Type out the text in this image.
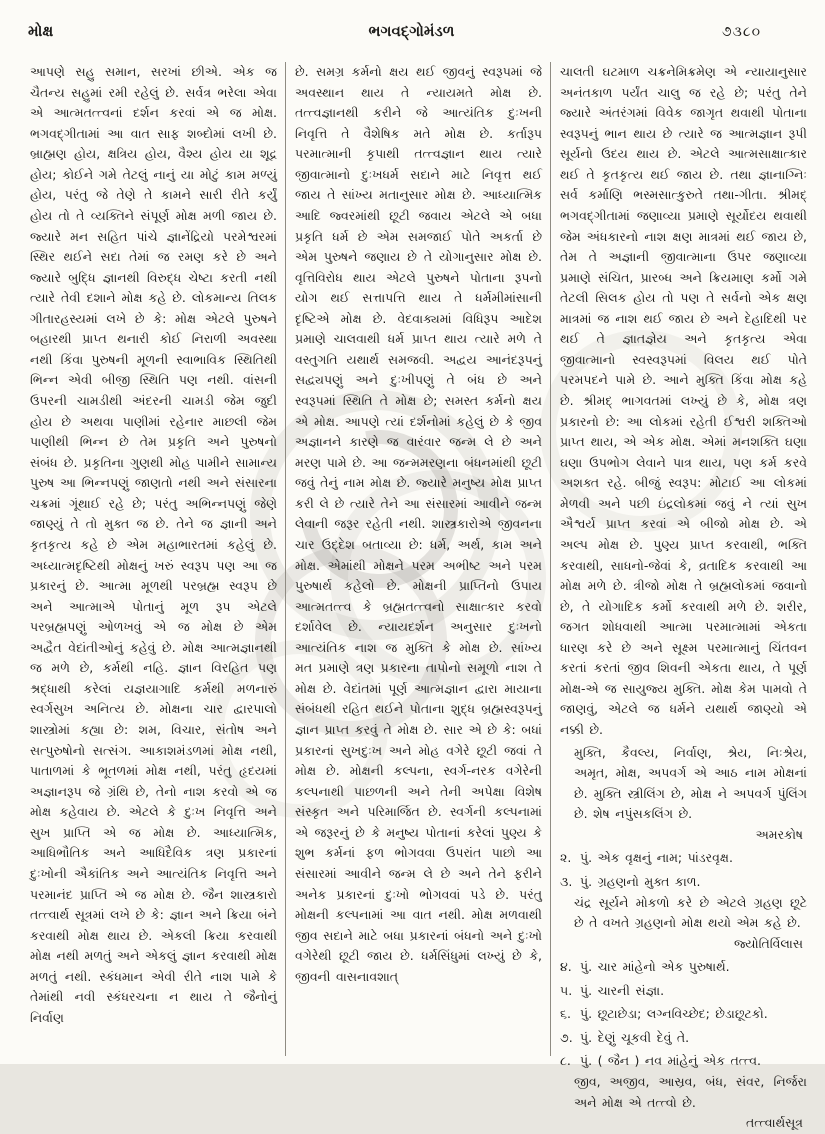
મોક્ષ	ભગવદ્ગોમંડળ	૭૩૮૦

આપણે સહુ સમાન, સરખાં છીએ. એક જ ચૈતન્ય સહુમાં રમી રહેલું છે. સર્વત્ર ભરેલા એવા એ આત્મતત્ત્વનાં દર્શન કરવાં એ જ મોક્ષ. ભગવદ્ગીતામાં આ વાત સાફ શબ્દોમાં લખી છે. બ્રાહ્મણ હોય, ક્ષત્રિય હોય, વૈશ્ય હોય યા શૂદ્ર હોય; કોઈને ગમે તેટલું નાનું યા મોટું કામ મળ્યું હોય, પરંતુ જે તેણે તે કામને સારી રીતે કર્યું હોય તો તે વ્યક્તિને સંપૂર્ણ મોક્ષ મળી જાય છે. જ્યારે મન સહિત પાંચે જ્ઞાનેંદ્રિયો પરમેશ્વરમાં સ્થિર થઈને સદા તેમાં જ રમણ કરે છે અને જ્યારે બુદ્ધિ જ્ઞાનથી વિરુદ્ધ ચેષ્ટા કરતી નથી ત્યારે તેવી દશાને મોક્ષ કહે છે. લોકમાન્ય તિલક ગીતારહસ્યમાં લખે છે કે: મોક્ષ એટલે પુરુષને બહારથી પ્રાપ્ત થનારી કોઈ નિરાળી અવસ્થા નથી કિંવા પુરુષની મૂળની સ્વાભાવિક સ્થિતિથી ભિન્ન એવી બીજી સ્થિતિ પણ નથી. વાંસની ઉપરની ચામડીથી અંદરની ચામડી જેમ જુદી હોય છે અથવા પાણીમાં રહેનાર માછલી જેમ પાણીથી ભિન્ન છે તેમ પ્રકૃતિ અને પુરુષનો સંબંધ છે. પ્રકૃતિના ગુણથી મોહ પામીને સામાન્ય પુરુષ આ ભિન્નપણું જાણતો નથી અને સંસારના ચક્રમાં ગૂંથાઈ રહે છે; પરંતુ અભિન્નપણું જેણે જાણ્યું તે તો મુક્ત જ છે. તેને જ જ્ઞાની અને કૃતકૃત્ય કહે છે એમ મહાભારતમાં કહેલું છે. અધ્યાત્મદૃષ્ટિથી મોક્ષનું ખરું સ્વરૂપ પણ આ જ પ્રકારનું છે. આત્મા મૂળથી પરબ્રહ્મ સ્વરૂપ છે અને આત્માએ પોતાનું મૂળ રૂપ એટલે પરબ્રહ્મપણું ઓળખવું એ જ મોક્ષ છે એમ અદ્વૈત વેદાંતીઓનું કહેવું છે. મોક્ષ આત્મજ્ઞાનથી જ મળે છે, કર્મથી નહિ. જ્ઞાન વિરહિત પણ શ્રદ્ધાથી કરેલાં યજ્ઞયાગાદિ કર્મથી મળનારું સ્વર્ગસુખ અનિત્ય છે. મોક્ષના ચાર દ્વારપાલો શાસ્ત્રોમાં કહ્યા છે: શમ, વિચાર, સંતોષ અને સત્પુરુષોનો સત્સંગ. આકાશમંડળમાં મોક્ષ નથી, પાતાળમાં કે ભૂતળમાં મોક્ષ નથી, પરંતુ હૃદયમાં અજ્ઞાનરૂપ જે ગ્રંથિ છે, તેનો નાશ કરવો એ જ મોક્ષ કહેવાય છે. એટલે કે દુઃખ નિવૃત્તિ અને સુખ પ્રાપ્તિ એ જ મોક્ષ છે. આધ્યાત્મિક, આધિભૌતિક અને આધિદૈવિક ત્રણ પ્રકારનાં દુઃખોની ઐકાંતિક અને આત્યંતિક નિવૃત્તિ અને પરમાનંદ પ્રાપ્તિ એ જ મોક્ષ છે. જૈન શાસ્ત્રકારો તત્ત્વાર્થ સૂત્રમાં લખે છે કે: જ્ઞાન અને ક્રિયા બંને કરવાથી મોક્ષ થાય છે. એકલી ક્રિયા કરવાથી મોક્ષ નથી મળતું અને એકલું જ્ઞાન કરવાથી મોક્ષ મળતું નથી. સ્કંધમાન એવી રીતે નાશ પામે કે તેમાંથી નવી સ્કંધરચના ન થાય તે જૈનોનું નિર્વાણ

છે. સમગ્ર કર્મનો ક્ષય થઈ જીવનું સ્વરૂપમાં જે અવસ્થાન થાય તે ન્યાયમતે મોક્ષ છે. તત્ત્વજ્ઞાનથી કરીને જે આત્યંતિક દુઃખની નિવૃત્તિ તે વૈશેષિક મતે મોક્ષ છે. કર્તારૂપ પરમાત્માની કૃપાથી તત્ત્વજ્ઞાન થાય ત્યારે જીવાત્માનો દુઃખધર્મ સદાને માટે નિવૃત્ત થઈ જાય તે સાંખ્ય મતાનુસાર મોક્ષ છે. આધ્યાત્મિક આદિ જ્વરમાંથી છૂટી જવાય એટલે એ બધા પ્રકૃતિ ધર્મ છે એમ સમજાઈ પોતે અકર્તા છે એમ પુરુષને જણાય છે તે યોગાનુસાર મોક્ષ છે. વૃત્તિવિરોધ થાય એટલે પુરુષને પોતાના રૂપનો યોગ થઈ સત્તાપત્તિ થાય તે ધર્મમીમાંસાની દૃષ્ટિએ મોક્ષ છે. વેદવાક્યમાં વિધિરૂપ આદેશ પ્રમાણે ચાલવાથી ધર્મ પ્રાપ્ત થાય ત્યારે મળે તે વસ્તુગતિ યથાર્થ સમજવી. અદ્વય આનંદરૂપનું સદ્વ્યપણું અને દુઃખીપણું તે બંધ છે અને સ્વરૂપમાં સ્થિતિ તે મોક્ષ છે; સમસ્ત કર્મનો ક્ષય એ મોક્ષ. આપણે ત્યાં દર્શનોમાં કહેલું છે કે જીવ અજ્ઞાનને કારણે જ વારંવાર જન્મ લે છે અને મરણ પામે છે. આ જન્મમરણના બંધનમાંથી છૂટી જવું તેનું નામ મોક્ષ છે. જ્યારે મનુષ્ય મોક્ષ પ્રાપ્ત કરી લે છે ત્યારે તેને આ સંસારમાં આવીને જન્મ લેવાની જરૂર રહેતી નથી. શાસ્ત્રકારોએ જીવનના ચાર ઉદ્દેશ બતાવ્યા છે: ધર્મ, અર્થ, કામ અને મોક્ષ. એમાંથી મોક્ષને પરમ અભીષ્ટ અને પરમ પુરુષાર્થ કહેલો છે. મોક્ષની પ્રાપ્તિનો ઉપાય આત્મતત્ત્વ કે બ્રહ્મતત્ત્વનો સાક્ષાત્કાર કરવો દર્શાવેલ છે. ન્યાયદર્શન અનુસાર દુઃખનો આત્યંતિક નાશ જ મુક્તિ કે મોક્ષ છે. સાંખ્ય મત પ્રમાણે ત્રણ પ્રકારના તાપોનો સમૂળો નાશ તે મોક્ષ છે. વેદાંતમાં પૂર્ણ આત્મજ્ઞાન દ્વારા માયાના સંબંધથી રહિત થઈને પોતાના શુદ્ધ બ્રહ્મસ્વરૂપનું જ્ઞાન પ્રાપ્ત કરવું તે મોક્ષ છે. સાર એ છે કે: બધાં પ્રકારનાં સુખદુઃખ અને મોહ વગેરે છૂટી જવાં તે મોક્ષ છે. મોક્ષની કલ્પના, સ્વર્ગ-નરક વગેરેની કલ્પનાથી પાછળની અને તેની અપેક્ષા વિશેષ સંસ્કૃત અને પરિમાર્જિત છે. સ્વર્ગની કલ્પનામાં એ જરૂરનું છે કે મનુષ્ય પોતાનાં કરેલાં પુણ્ય કે શુભ કર્મનાં ફળ ભોગવવા ઉપરાંત પાછો આ સંસારમાં આવીને જન્મ લે છે અને તેને ફરીને અનેક પ્રકારનાં દુઃખો ભોગવવાં પડે છે. પરંતુ મોક્ષની કલ્પનામાં આ વાત નથી. મોક્ષ મળવાથી જીવ સદાને માટે બધા પ્રકારનાં બંધનો અને દુઃખો વગેરેથી છૂટી જાય છે. ધર્મસિંધુમાં લખ્યું છે કે, જીવની વાસનાવશાત્

ચાલતી ઘટમાળ ચક્રનેમિક્રમેણ એ ન્યાયાનુસાર અનંતકાળ પર્યંત ચાલુ જ રહે છે; પરંતુ તેને જ્યારે અંતરંગમાં વિવેક જાગૃત થવાથી પોતાના સ્વરૂપનું ભાન થાય છે ત્યારે જ આત્મજ્ઞાન રૂપી સૂર્યનો ઉદય થાય છે. એટલે આત્મસાક્ષાત્કાર થઈ તે કૃતકૃત્ય થઈ જાય છે. તથા જ્ઞાનાગ્નિઃ સર્વ કર્માણિ ભસ્મસાત્કુરુતે તથા-ગીતા. શ્રીમદ્ ભગવદ્ગીતામાં જણાવ્યા પ્રમાણે સૂર્યોદય થવાથી જેમ અંધકારનો નાશ ક્ષણ માત્રમાં થઈ જાય છે, તેમ તે અજ્ઞાની જીવાત્માના ઉપર જણાવ્યા પ્રમાણે સંચિત, પ્રારબ્ધ અને ક્રિયમાણ કર્મો ગમે તેટલી સિલક હોય તો પણ તે સર્વનો એક ક્ષણ માત્રમાં જ નાશ થઈ જાય છે અને દેહાદિથી પર થઈ તે જ્ઞાતજ્ઞેય અને કૃતકૃત્ય એવા જીવાત્માનો સ્વસ્વરૂપમાં વિલય થઈ પોતે પરમપદને પામે છે. આને મુક્તિ કિંવા મોક્ષ કહે છે. શ્રીમદ્ ભાગવતમાં લખ્યું છે કે, મોક્ષ ત્રણ પ્રકારનો છે: આ લોકમાં રહેતી ઈશ્વરી શક્તિઓ પ્રાપ્ત થાય, એ એક મોક્ષ. એમાં મનશક્તિ ઘણા ઘણા ઉપભોગ લેવાને પાત્ર થાય, પણ કર્મ કરવે અશક્ત રહે. બીજું સ્વરૂપ: મોટાઈ આ લોકમાં મેળવી અને પછી ઇંદ્રલોકમાં જવું ને ત્યાં સુખ ઐશ્વર્ય પ્રાપ્ત કરવાં એ બીજો મોક્ષ છે. એ અલ્પ મોક્ષ છે. પુણ્ય પ્રાપ્ત કરવાથી, ભક્તિ કરવાથી, સાધનો-જેવાં કે, વ્રતાદિક કરવાથી આ મોક્ષ મળે છે. ત્રીજો મોક્ષ તે બ્રહ્મલોકમાં જવાનો છે, તે યોગાદિક કર્મો કરવાથી મળે છે. શરીર, જગત શોધવાથી આત્મા પરમાત્મામાં એકતા ધારણ કરે છે અને સૂક્ષ્મ પરમાત્માનું ચિંતવન કરતાં કરતાં જીવ શિવની એકતા થાય, તે પૂર્ણ મોક્ષ-એ જ સાયુજ્ય મુક્તિ. મોક્ષ કેમ પામવો તે જાણવું, એટલે જ ધર્મને યથાર્થ જાણ્યો એ નક્કી છે.

મુક્તિ, કૈવલ્ય, નિર્વાણ, શ્રેય, નિઃશ્રેય, અમૃત, મોક્ષ, અપવર્ગ એ આઠ નામ મોક્ષનાં છે. મુક્તિ સ્ત્રીલિંગ છે, મોક્ષ ને અપવર્ગ પુંલિંગ છે. શેષ નપુંસકલિંગ છે.
અમરકોષ
૨. પું. એક વૃક્ષનું નામ; પાંડરવૃક્ષ.
૩. પું. ગ્રહણનો મુક્ત કાળ.
ચંદ્ર સૂર્યને મોકળો કરે છે એટલે ગ્રહણ છૂટે છે તે વખતે ગ્રહણનો મોક્ષ થયો એમ કહે છે.
જ્યોતિર્વિલાસ
૪. પું. ચાર માંહેનો એક પુરુષાર્થ.
૫. પું. ચારની સંજ્ઞા.
૬. પું. છૂટાછેડા; લગ્નવિચ્છેદ; છેડાછૂટકો.
૭. પું. દેણું ચૂકવી દેવું તે.
૮. પું. ( જૈન ) નવ માંહેનું એક તત્ત્વ.
જીવ, અજીવ, આસ્રવ, બંધ, સંવર, નિર્જરા અને મોક્ષ એ તત્ત્વો છે.
તત્ત્વાર્થસૂત્ર
